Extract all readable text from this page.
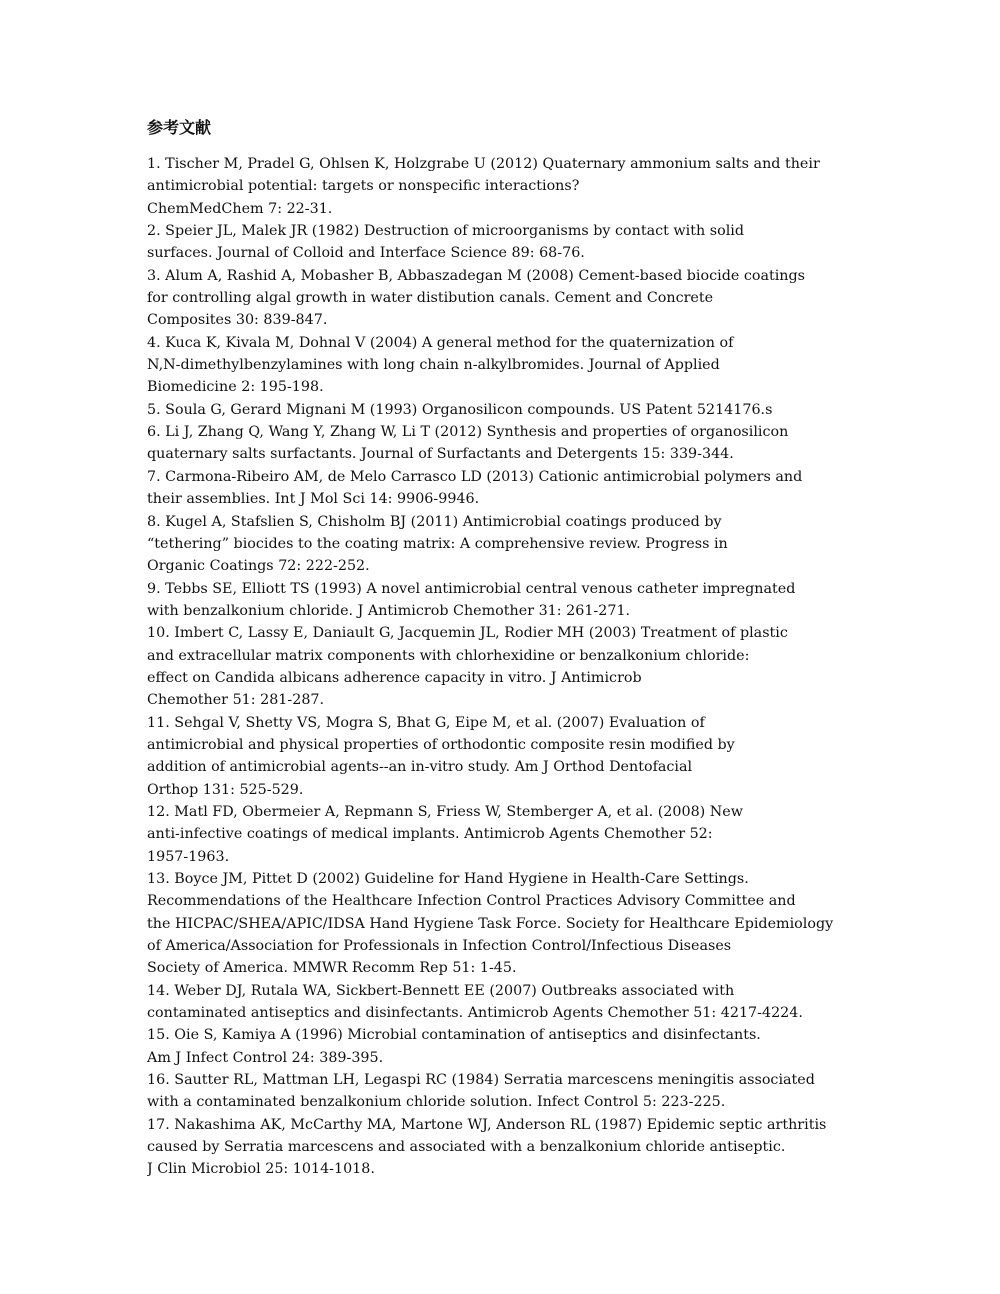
参考文献
1. Tischer M, Pradel G, Ohlsen K, Holzgrabe U (2012) Quaternary ammonium salts and their
antimicrobial potential: targets or nonspecific interactions?
ChemMedChem 7: 22-31.
2. Speier JL, Malek JR (1982) Destruction of microorganisms by contact with solid
surfaces. Journal of Colloid and Interface Science 89: 68-76.
3. Alum A, Rashid A, Mobasher B, Abbaszadegan M (2008) Cement-based biocide coatings
for controlling algal growth in water distibution canals. Cement and Concrete
Composites 30: 839-847.
4. Kuca K, Kivala M, Dohnal V (2004) A general method for the quaternization of
N,N-dimethylbenzylamines with long chain n-alkylbromides. Journal of Applied
Biomedicine 2: 195-198.
5. Soula G, Gerard Mignani M (1993) Organosilicon compounds. US Patent 5214176.s
6. Li J, Zhang Q, Wang Y, Zhang W, Li T (2012) Synthesis and properties of organosilicon
quaternary salts surfactants. Journal of Surfactants and Detergents 15: 339-344.
7. Carmona-Ribeiro AM, de Melo Carrasco LD (2013) Cationic antimicrobial polymers and
their assemblies. Int J Mol Sci 14: 9906-9946.
8. Kugel A, Stafslien S, Chisholm BJ (2011) Antimicrobial coatings produced by
“tethering” biocides to the coating matrix: A comprehensive review. Progress in
Organic Coatings 72: 222-252.
9. Tebbs SE, Elliott TS (1993) A novel antimicrobial central venous catheter impregnated
with benzalkonium chloride. J Antimicrob Chemother 31: 261-271.
10. Imbert C, Lassy E, Daniault G, Jacquemin JL, Rodier MH (2003) Treatment of plastic
and extracellular matrix components with chlorhexidine or benzalkonium chloride:
effect on Candida albicans adherence capacity in vitro. J Antimicrob
Chemother 51: 281-287.
11. Sehgal V, Shetty VS, Mogra S, Bhat G, Eipe M, et al. (2007) Evaluation of
antimicrobial and physical properties of orthodontic composite resin modified by
addition of antimicrobial agents--an in-vitro study. Am J Orthod Dentofacial
Orthop 131: 525-529.
12. Matl FD, Obermeier A, Repmann S, Friess W, Stemberger A, et al. (2008) New
anti-infective coatings of medical implants. Antimicrob Agents Chemother 52:
1957-1963.
13. Boyce JM, Pittet D (2002) Guideline for Hand Hygiene in Health-Care Settings.
Recommendations of the Healthcare Infection Control Practices Advisory Committee and
the HICPAC/SHEA/APIC/IDSA Hand Hygiene Task Force. Society for Healthcare Epidemiology
of America/Association for Professionals in Infection Control/Infectious Diseases
Society of America. MMWR Recomm Rep 51: 1-45.
14. Weber DJ, Rutala WA, Sickbert-Bennett EE (2007) Outbreaks associated with
contaminated antiseptics and disinfectants. Antimicrob Agents Chemother 51: 4217-4224.
15. Oie S, Kamiya A (1996) Microbial contamination of antiseptics and disinfectants.
Am J Infect Control 24: 389-395.
16. Sautter RL, Mattman LH, Legaspi RC (1984) Serratia marcescens meningitis associated
with a contaminated benzalkonium chloride solution. Infect Control 5: 223-225.
17. Nakashima AK, McCarthy MA, Martone WJ, Anderson RL (1987) Epidemic septic arthritis
caused by Serratia marcescens and associated with a benzalkonium chloride antiseptic.
J Clin Microbiol 25: 1014-1018.
